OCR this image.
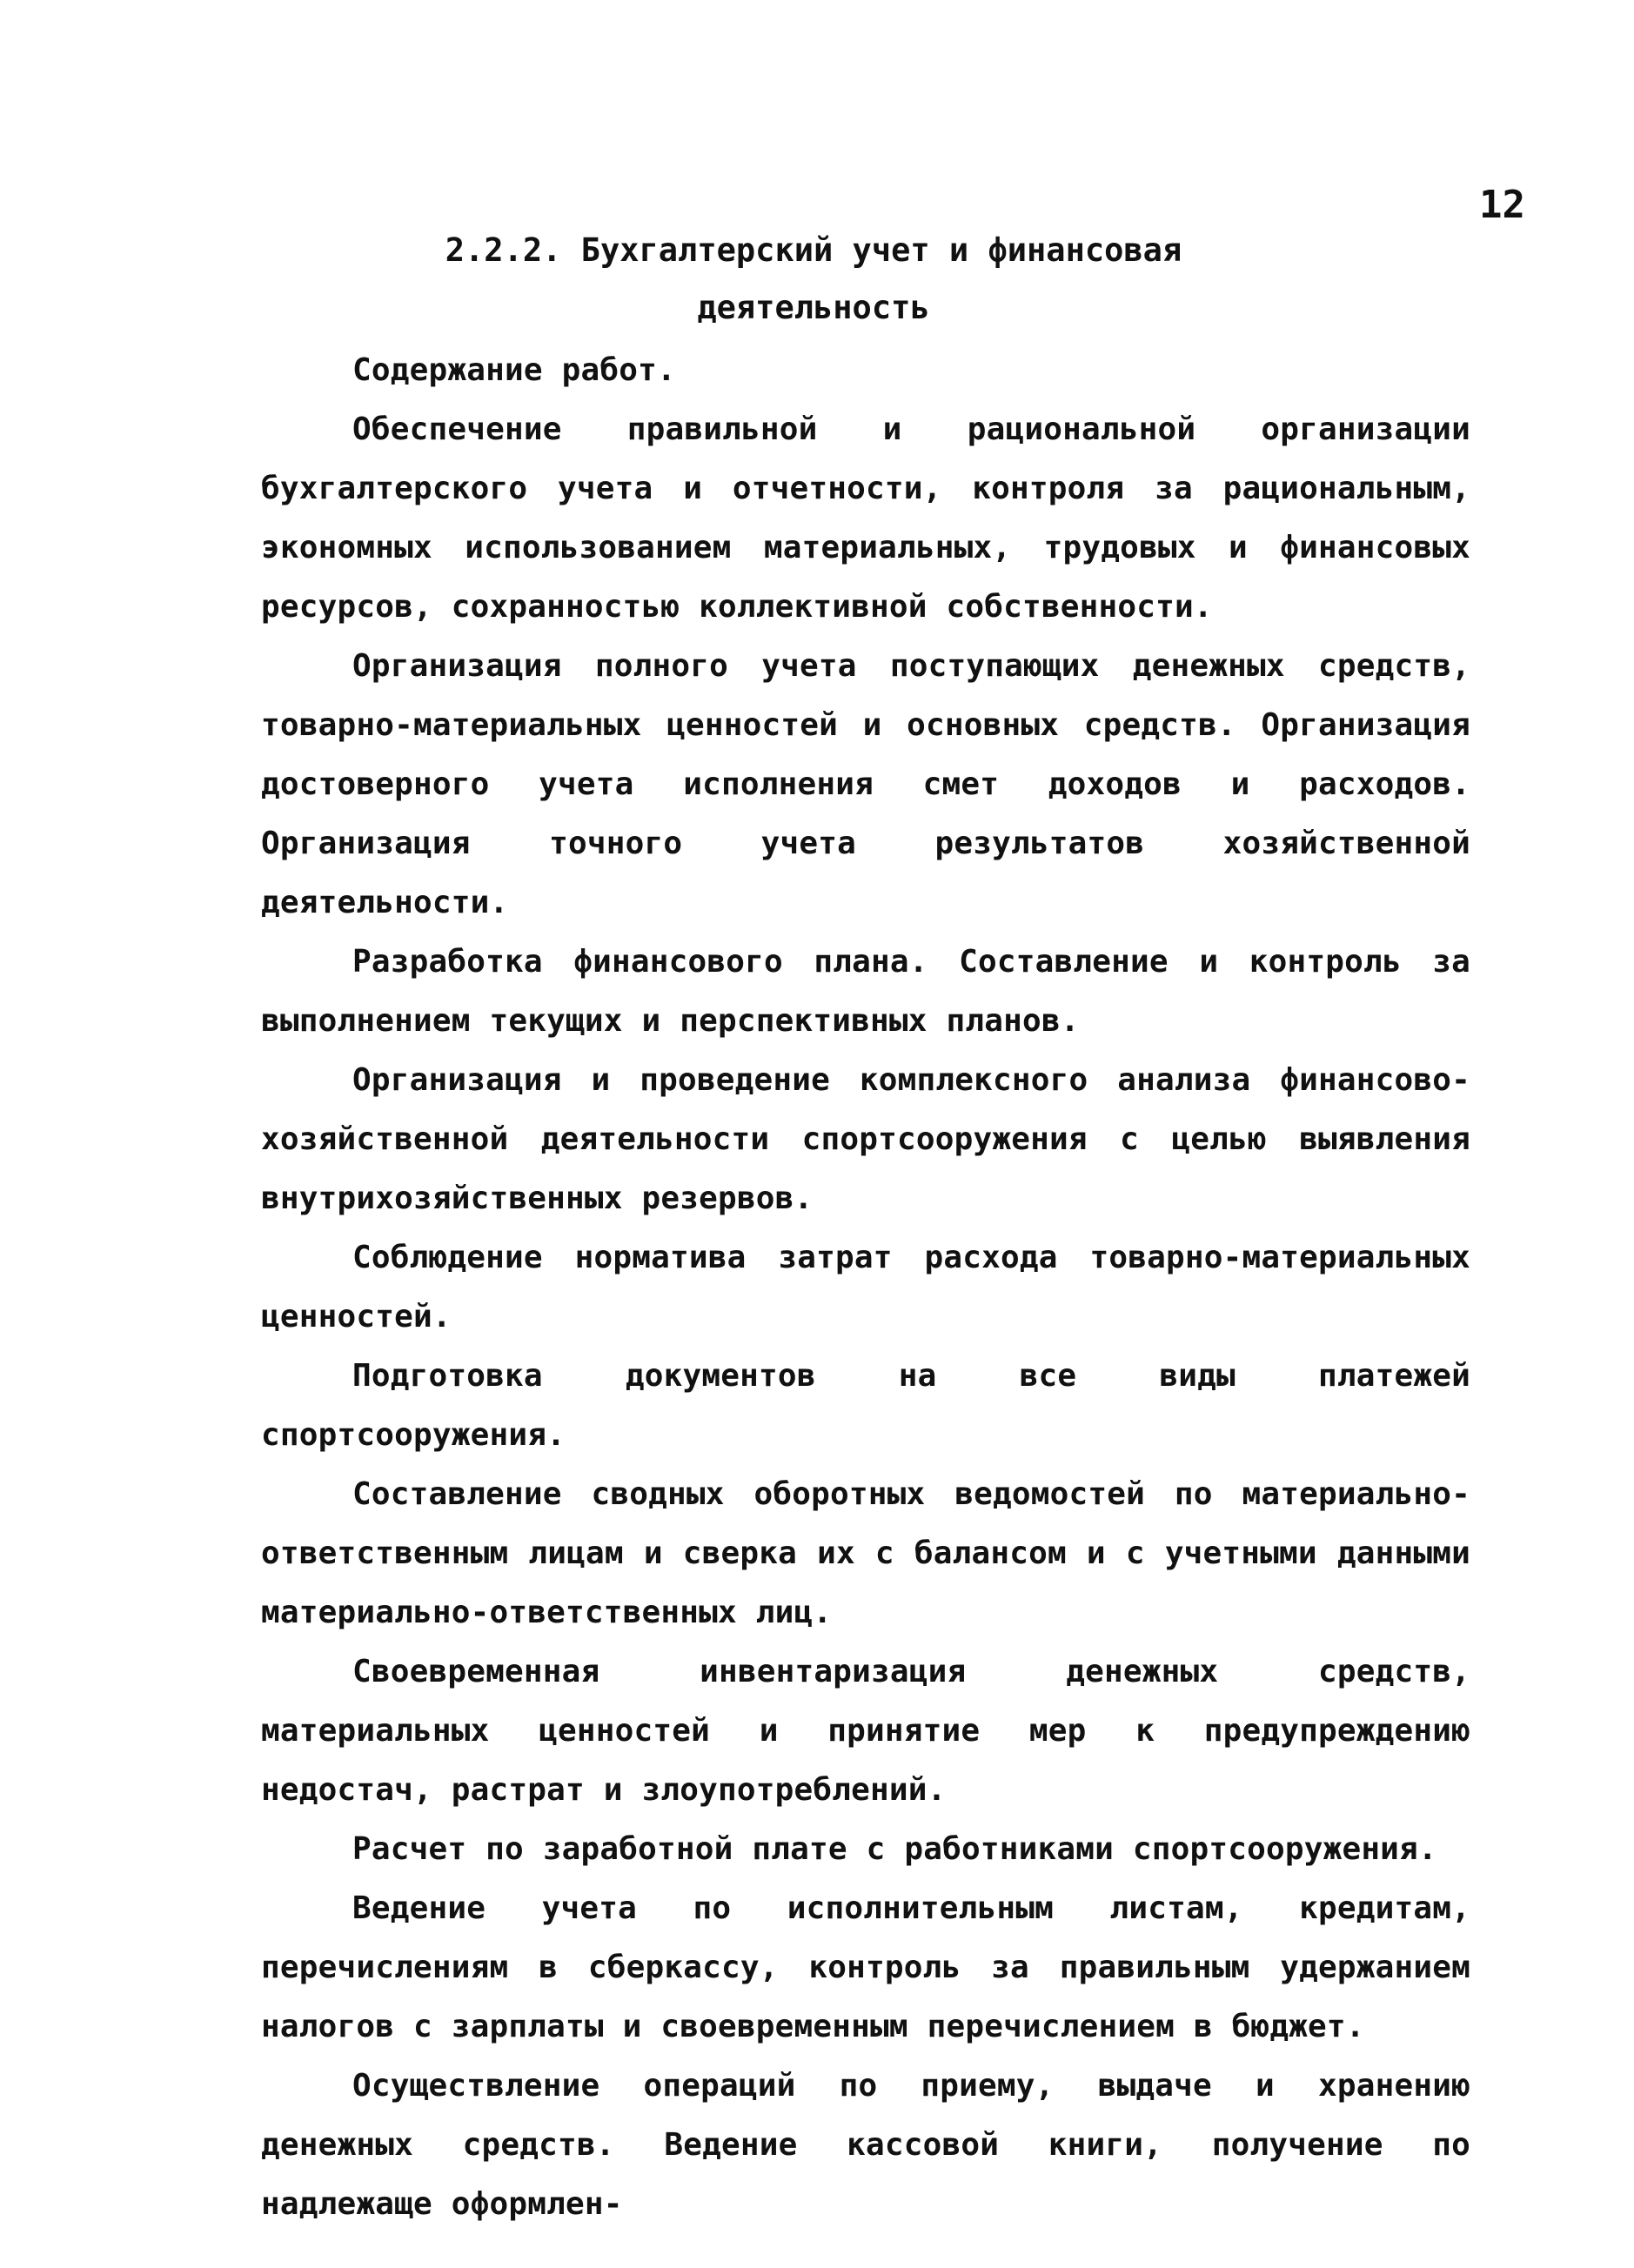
12
2.2.2. Бухгалтерский учет и финансовая
деятельность

Содержание работ.

Обеспечение правильной и рациональной организации бухгалтерского учета и отчетности, контроля за рациональным, экономных использованием материальных, трудовых и финансовых ресурсов, сохранностью коллективной собственности.

Организация полного учета поступающих денежных средств, товарно-материальных ценностей и основных средств. Организация достоверного учета исполнения смет доходов и расходов. Организация точного учета результатов хозяйственной деятельности.

Разработка финансового плана. Составление и контроль за выполнением текущих и перспективных планов.

Организация и проведение комплексного анализа финансово-хозяйственной деятельности спортсооружения с целью выявления внутрихозяйственных резервов.

Соблюдение норматива затрат расхода товарно-материальных ценностей.

Подготовка документов на все виды платежей спортсооружения.

Составление сводных оборотных ведомостей по материально-ответственным лицам и сверка их с балансом и с учетными данными материально-ответственных лиц.

Своевременная инвентаризация денежных средств, материальных ценностей и принятие мер к предупреждению недостач, растрат и злоупотреблений.

Расчет по заработной плате с работниками спортсооружения.

Ведение учета по исполнительным листам, кредитам, перечислениям в сберкассу, контроль за правильным удержанием налогов с зарплаты и своевременным перечислением в бюджет.

Осуществление операций по приему, выдаче и хранению денежных средств. Ведение кассовой книги, получение по надлежаще оформлен-
